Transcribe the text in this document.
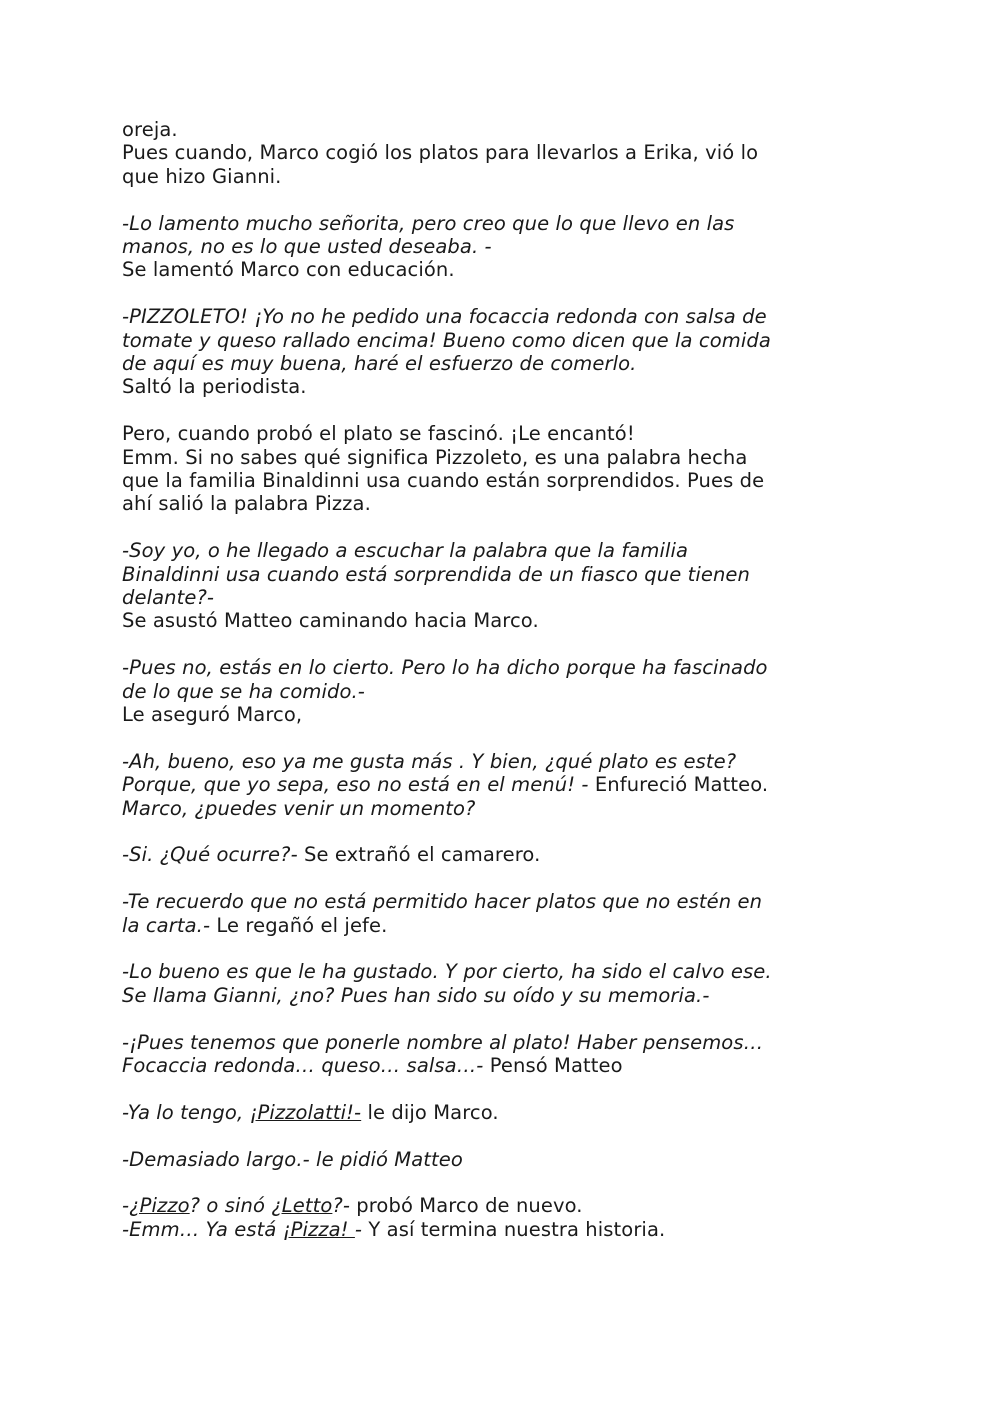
oreja.
Pues cuando, Marco cogió los platos para llevarlos a Erika, vió lo
que hizo Gianni.
-Lo lamento mucho señorita, pero creo que lo que llevo en las
manos, no es lo que usted deseaba. -
Se lamentó Marco con educación.
-PIZZOLETO! ¡Yo no he pedido una focaccia redonda con salsa de
tomate y queso rallado encima! Bueno como dicen que la comida
de aquí es muy buena, haré el esfuerzo de comerlo.
Saltó la periodista.
Pero, cuando probó el plato se fascinó. ¡Le encantó!
Emm. Si no sabes qué significa Pizzoleto, es una palabra hecha
que la familia Binaldinni usa cuando están sorprendidos. Pues de
ahí salió la palabra Pizza.
-Soy yo, o he llegado a escuchar la palabra que la familia
Binaldinni usa cuando está sorprendida de un fiasco que tienen
delante?-
Se asustó Matteo caminando hacia Marco.
-Pues no, estás en lo cierto. Pero lo ha dicho porque ha fascinado
de lo que se ha comido.-
Le aseguró Marco,
-Ah, bueno, eso ya me gusta más . Y bien, ¿qué plato es este?
Porque, que yo sepa, eso no está en el menú! - Enfureció Matteo.
Marco, ¿puedes venir un momento?
-Si. ¿Qué ocurre?- Se extrañó el camarero.
-Te recuerdo que no está permitido hacer platos que no estén en
la carta.- Le regañó el jefe.
-Lo bueno es que le ha gustado. Y por cierto, ha sido el calvo ese.
Se llama Gianni, ¿no? Pues han sido su oído y su memoria.-
-¡Pues tenemos que ponerle nombre al plato! Haber pensemos…
Focaccia redonda… queso… salsa…- Pensó Matteo
-Ya lo tengo, ¡Pizzolatti!- le dijo Marco.
-Demasiado largo.- le pidió Matteo
-¿Pizzo? o sinó ¿Letto?- probó Marco de nuevo.
-Emm… Ya está ¡Pizza! - Y así termina nuestra historia.
